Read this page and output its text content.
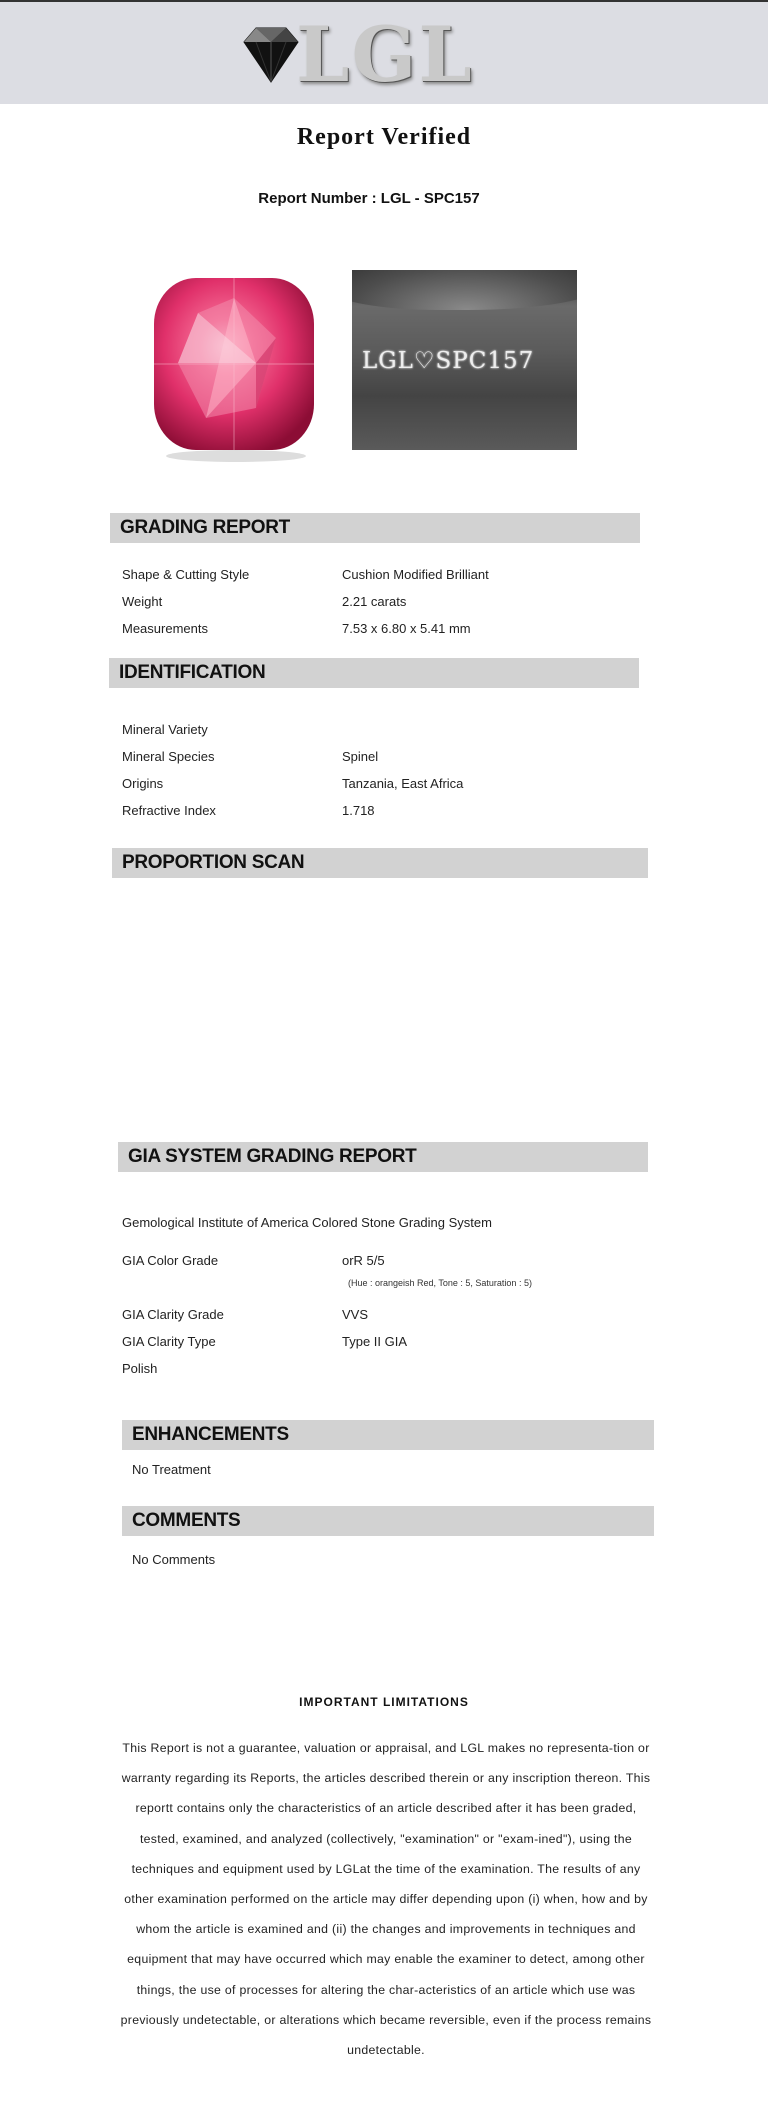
LGL
Report Verified
Report Number : LGL - SPC157
LGL♡SPC157
GRADING REPORT
Shape & Cutting Style	Cushion Modified Brilliant
Weight	2.21 carats
Measurements	7.53 x 6.80 x 5.41 mm
IDENTIFICATION
Mineral Variety
Mineral Species	Spinel
Origins	Tanzania, East Africa
Refractive Index	1.718
PROPORTION SCAN
GIA SYSTEM GRADING REPORT
Gemological Institute of America Colored Stone Grading System
GIA Color Grade	orR 5/5
(Hue : orangeish Red, Tone : 5, Saturation : 5)
GIA Clarity Grade	VVS
GIA Clarity Type	Type II GIA
Polish
ENHANCEMENTS
No Treatment
COMMENTS
No Comments
IMPORTANT LIMITATIONS
This Report is not a guarantee, valuation or appraisal, and LGL makes no representa-tion or warranty regarding its Reports, the articles described therein or any inscription thereon. This reportt contains only the characteristics of an article described after it has been graded, tested, examined, and analyzed (collectively, "examination" or "exam-ined"), using the techniques and equipment used by LGLat the time of the examination. The results of any other examination performed on the article may differ depending upon (i) when, how and by whom the article is examined and (ii) the changes and improvements in techniques and equipment that may have occurred which may enable the examiner to detect, among other things, the use of processes for altering the char-acteristics of an article which use was previously undetectable, or alterations which became reversible, even if the process remains undetectable.
